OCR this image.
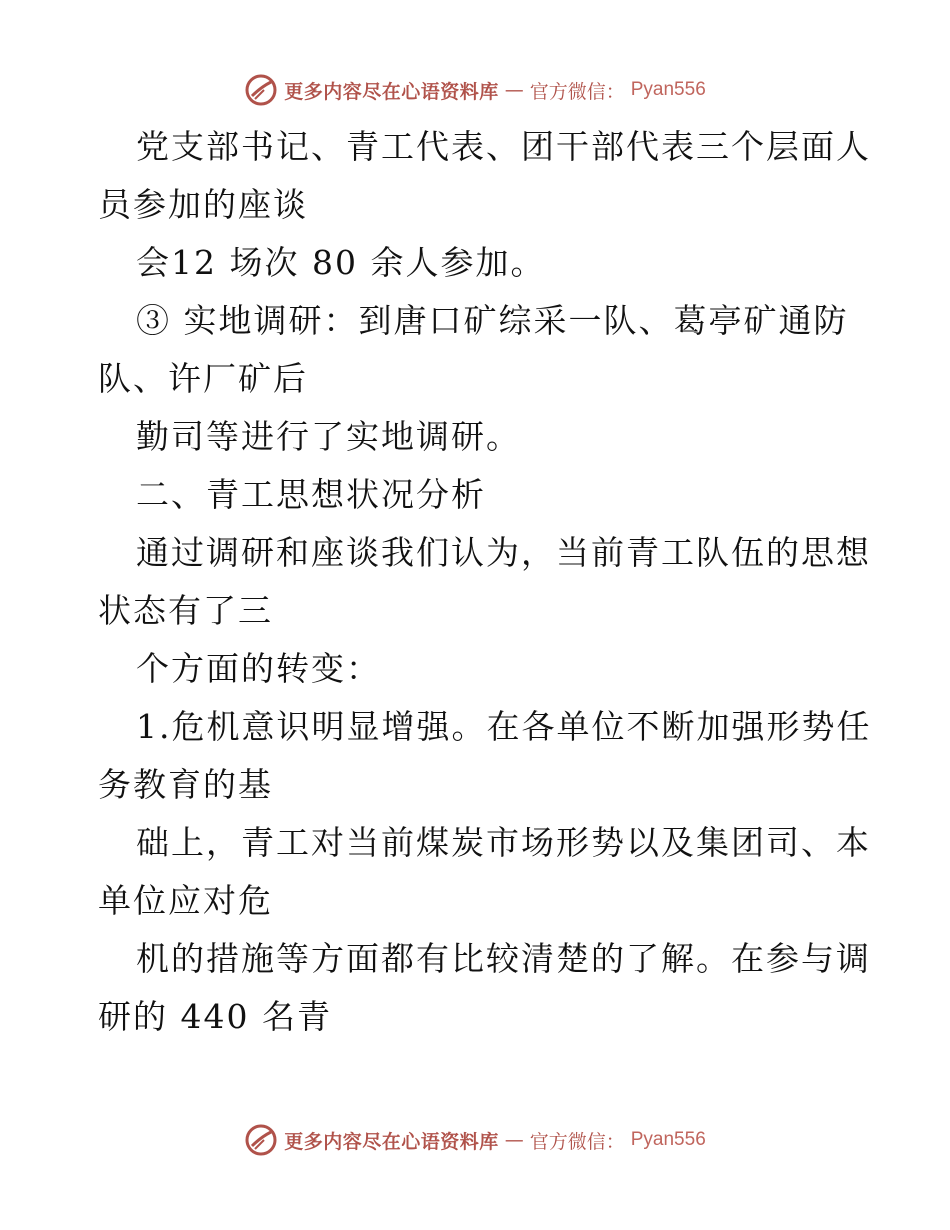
更多内容尽在心语资料库 — 官方微信： Pyan556
党支部书记、青工代表、团干部代表三个层面人
员参加的座谈
会12 场次 80 余人参加。
③ 实地调研：到唐口矿综采一队、葛亭矿通防
队、许厂矿后
勤司等进行了实地调研。
二、青工思想状况分析
通过调研和座谈我们认为，当前青工队伍的思想
状态有了三
个方面的转变：
1.危机意识明显增强。在各单位不断加强形势任
务教育的基
础上，青工对当前煤炭市场形势以及集团司、本
单位应对危
机的措施等方面都有比较清楚的了解。在参与调
研的 440 名青
更多内容尽在心语资料库 — 官方微信： Pyan556
